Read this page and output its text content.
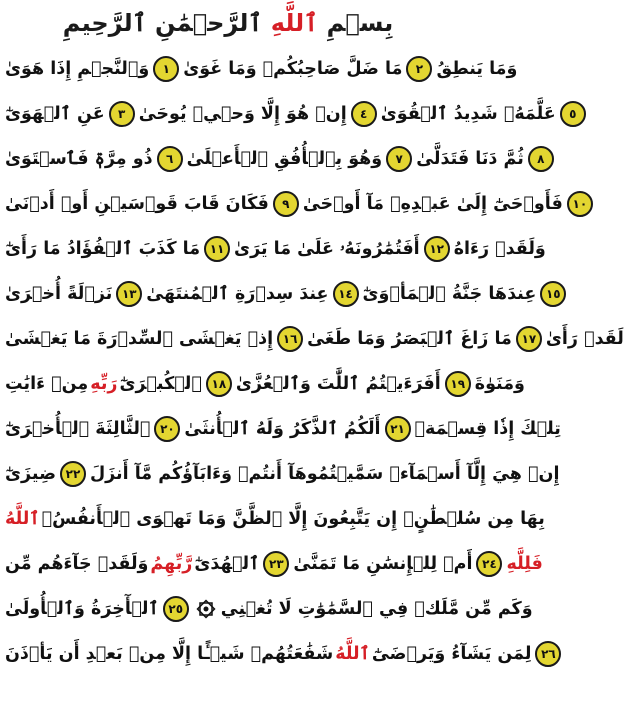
بِسۡمِ ٱللَّهِ ٱلرَّحۡمَٰنِ ٱلرَّحِيمِ
وَٱلنَّجۡمِ إِذَا هَوَىٰ	١ مَا ضَلَّ صَاحِبُكُمۡ وَمَا غَوَىٰ	٢ وَمَا يَنطِقُ
عَنِ ٱلۡهَوَىٰٓ	٣ إِنۡ هُوَ إِلَّا وَحۡيٞ يُوحَىٰ	٤ عَلَّمَهُۥ شَدِيدُ ٱلۡقُوَىٰ	٥
ذُو مِرَّةٖ فَٱسۡتَوَىٰ	٦ وَهُوَ بِٱلۡأُفُقِ ٱلۡأَعۡلَىٰ	٧ ثُمَّ دَنَا فَتَدَلَّىٰ	٨
فَكَانَ قَابَ قَوۡسَيۡنِ أَوۡ أَدۡنَىٰ	٩ فَأَوۡحَىٰٓ إِلَىٰ عَبۡدِهِۦ مَآ أَوۡحَىٰ ١٠
مَا كَذَبَ ٱلۡفُؤَادُ مَا رَأَىٰٓ ١١ أَفَتُمَٰرُونَهُۥ عَلَىٰ مَا يَرَىٰ ١٢ وَلَقَدۡ رَءَاهُ
نَزۡلَةً أُخۡرَىٰ ١٣ عِندَ سِدۡرَةِ ٱلۡمُنتَهَىٰ ١٤ عِندَهَا جَنَّةُ ٱلۡمَأۡوَىٰٓ ١٥
إِذۡ يَغۡشَى ٱلسِّدۡرَةَ مَا يَغۡشَىٰ ١٦ مَا زَاغَ ٱلۡبَصَرُ وَمَا طَغَىٰ ١٧ لَقَدۡ رَأَىٰ
مِنۡ ءَايَٰتِ رَبِّهِ ٱلۡكُبۡرَىٰٓ ١٨ أَفَرَءَيۡتُمُ ٱللَّٰتَ وَٱلۡعُزَّىٰ ١٩ وَمَنَوٰةَ
ٱلثَّالِثَةَ ٱلۡأُخۡرَىٰٓ ٢٠ أَلَكُمُ ٱلذَّكَرُ وَلَهُ ٱلۡأُنثَىٰ ٢١ تِلۡكَ إِذٗا قِسۡمَةٞ
ضِيزَىٰٓ ٢٢ إِنۡ هِيَ إِلَّآ أَسۡمَآءٞ سَمَّيۡتُمُوهَآ أَنتُمۡ وَءَابَآؤُكُم مَّآ أَنزَلَ
ٱللَّهُ بِهَا مِن سُلۡطَٰنٍۚ إِن يَتَّبِعُونَ إِلَّا ٱلظَّنَّ وَمَا تَهۡوَى ٱلۡأَنفُسُۖ
وَلَقَدۡ جَآءَهُم مِّن رَّبِّهِمُ ٱلۡهُدَىٰٓ ٢٣ أَمۡ لِلۡإِنسَٰنِ مَا تَمَنَّىٰ ٢٤ فَلِلَّهِ
ٱلۡأٓخِرَةُ وَٱلۡأُولَىٰ ٢٥	وَكَم مِّن مَّلَكٖ فِي ٱلسَّمَٰوَٰتِ لَا تُغۡنِي
شَفَٰعَتُهُمۡ شَيۡـًٔا إِلَّا مِنۢ بَعۡدِ أَن يَأۡذَنَ ٱللَّهُ لِمَن يَشَآءُ وَيَرۡضَىٰٓ ٢٦
